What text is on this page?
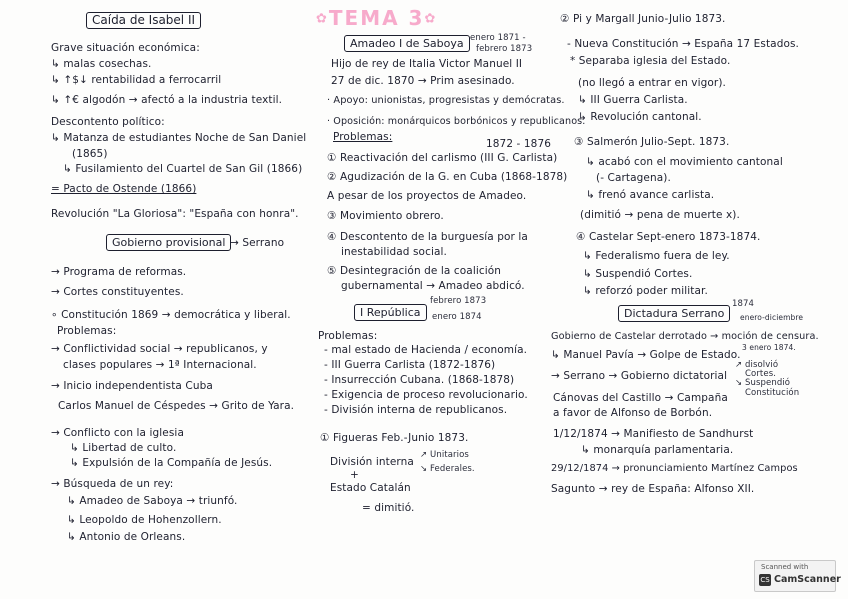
✿TEMA 3✿
Caída de Isabel II
Grave situación económica:
↳ malas cosechas.
↳ ↑$↓ rentabilidad a ferrocarril
↳ ↑€ algodón → afectó a la industria textil.
Descontento político:
↳ Matanza de estudiantes Noche de San Daniel
(1865)
↳ Fusilamiento del Cuartel de San Gil (1866)
= Pacto de Ostende (1866)
Revolución "La Gloriosa": "España con honra".
Gobierno provisional → Serrano
→ Programa de reformas.
→ Cortes constituyentes.
∘ Constitución 1869 → democrática y liberal.
Problemas:
→ Conflictividad social → republicanos, y
clases populares → 1ª Internacional.
→ Inicio independentista Cuba
Carlos Manuel de Céspedes → Grito de Yara.
→ Conflicto con la iglesia
↳ Libertad de culto.
↳ Expulsión de la Compañía de Jesús.
→ Búsqueda de un rey:
↳ Amadeo de Saboya → triunfó.
↳ Leopoldo de Hohenzollern.
↳ Antonio de Orleans.
Amadeo I de Saboya enero 1871 -
febrero 1873
Hijo de rey de Italia Victor Manuel II
27 de dic. 1870 → Prim asesinado.
· Apoyo: unionistas, progresistas y demócratas.
· Oposición: monárquicos borbónicos y republicanos.
Problemas:
1872 - 1876
① Reactivación del carlismo (III G. Carlista)
② Agudización de la G. en Cuba (1868-1878)
A pesar de los proyectos de Amadeo.
③ Movimiento obrero.
④ Descontento de la burguesía por la
inestabilidad social.
⑤ Desintegración de la coalición
gubernamental → Amadeo abdicó.
I República
febrero 1873
enero 1874
Problemas:
- mal estado de Hacienda / economía.
- III Guerra Carlista (1872-1876)
- Insurrección Cubana. (1868-1878)
- Exigencia de proceso revolucionario.
- División interna de republicanos.
① Figueras Feb.-Junio 1873.
División interna
↗ Unitarios
↘ Federales.
Estado Catalán
+
= dimitió.
② Pi y Margall Junio-Julio 1873.
- Nueva Constitución → España 17 Estados.
* Separaba iglesia del Estado.
(no llegó a entrar en vigor).
↳ III Guerra Carlista.
↳ Revolución cantonal.
③ Salmerón Julio-Sept. 1873.
↳ acabó con el movimiento cantonal
(- Cartagena).
↳ frenó avance carlista.
(dimitió → pena de muerte x).
④ Castelar Sept-enero 1873-1874.
↳ Federalismo fuera de ley.
↳ Suspendió Cortes.
↳ reforzó poder militar.
Dictadura Serrano
1874
enero-diciembre
Gobierno de Castelar derrotado → moción de censura.
↳ Manuel Pavía → Golpe de Estado.
3 enero 1874.
→ Serrano → Gobierno dictatorial
↗ disolvió
Cortes.
↘ Suspendió
Constitución
Cánovas del Castillo → Campaña
a favor de Alfonso de Borbón.
1/12/1874 → Manifiesto de Sandhurst
↳ monarquía parlamentaria.
29/12/1874 → pronunciamiento Martínez Campos
Sagunto → rey de España: Alfonso XII.
Scanned with
CS CamScanner
